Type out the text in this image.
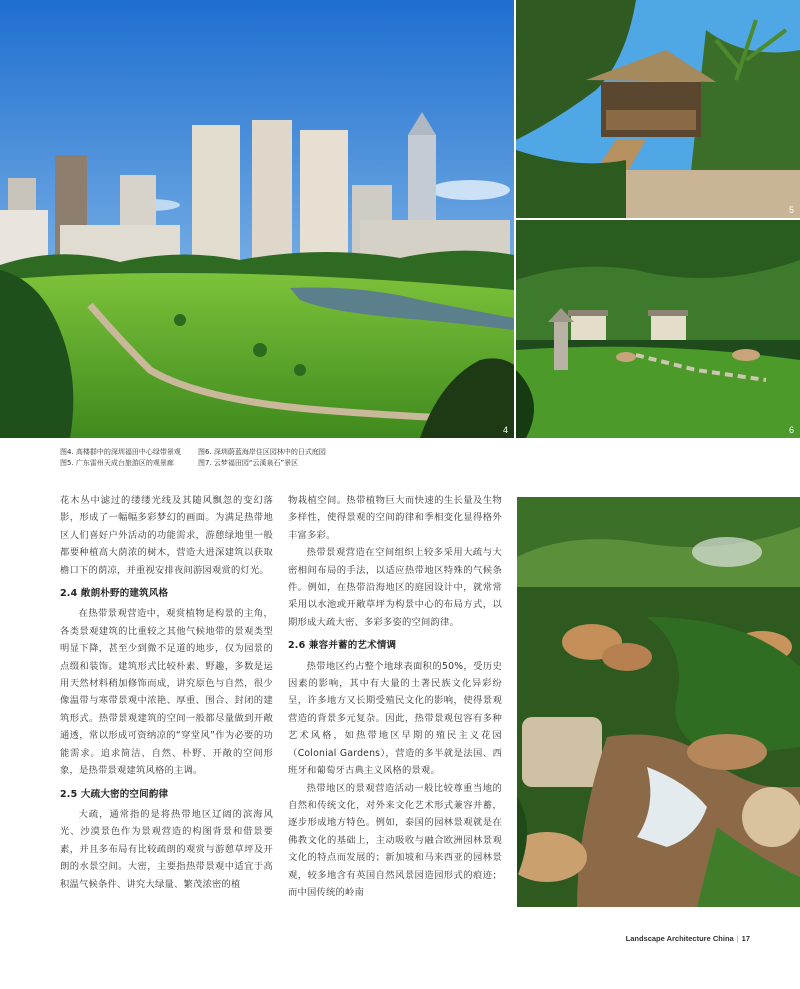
4
5
6
图4. 高楼群中的深圳福田中心绿带景观	图6. 深圳蔚蓝海岸住区园林中的日式庭园
图5. 广东雷州天成台旅游区的观景廊	图7. 云梦福田园“云溪泉石”景区

花木丛中滤过的缕缕光线及其随风飘忽的变幻落影，形成了一幅幅多彩梦幻的画面。为满足热带地区人们喜好户外活动的功能需求，游憩绿地里一般都要种植高大荫浓的树木，营造大进深建筑以获取檐口下的荫凉，并重视安排夜间游园观赏的灯光。

2.4 敞朗朴野的建筑风格

在热带景观营造中，观赏植物是构景的主角，各类景观建筑的比重较之其他气候地带的景观类型明显下降，甚至少到微不足道的地步，仅为园景的点缀和装饰。建筑形式比较朴素、野趣，多数是运用天然材料稍加修饰而成，讲究原色与自然，很少像温带与寒带景观中浓艳、厚重、围合、封闭的建筑形式。热带景观建筑的空间一般都尽量做到开敞通透，常以形成可资纳凉的“穿堂风”作为必要的功能需求。追求简洁、自然、朴野、开敞的空间形象，是热带景观建筑风格的主调。

2.5 大疏大密的空间韵律

大疏，通常指的是将热带地区辽阔的滨海风光、沙漠景色作为景观营造的构图背景和借景要素，并且多布局有比较疏朗的观赏与游憩草坪及开朗的水景空间。大密，主要指热带景观中适宜于高积温气候条件、讲究大绿量、繁茂浓密的植

物栽植空间。热带植物巨大而快速的生长量及生物多样性，使得景观的空间韵律和季相变化显得格外丰富多彩。

热带景观营造在空间组织上较多采用大疏与大密相间布局的手法，以适应热带地区特殊的气候条件。例如，在热带沿海地区的庭园设计中，就常常采用以水池或开敞草坪为构景中心的布局方式，以期形成大疏大密、多彩多姿的空间韵律。

2.6 兼容并蓄的艺术情调

热带地区约占整个地球表面积的50%，受历史因素的影响，其中有大量的土著民族文化异彩纷呈，许多地方又长期受殖民文化的影响，使得景观营造的背景多元复杂。因此，热带景观包容有多种艺术风格，如热带地区早期的殖民主义花园（Colonial Gardens），营造的多半就是法国、西班牙和葡萄牙古典主义风格的景观。

热带地区的景观营造活动一般比较尊重当地的自然和传统文化，对外来文化艺术形式兼容并蓄，逐步形成地方特色。例如，泰国的园林景观就是在佛教文化的基础上，主动吸收与融合欧洲园林景观文化的特点而发展的；新加坡和马来西亚的园林景观，较多地含有英国自然风景园造园形式的痕迹；而中国传统的岭南

Landscape Architecture China | 17
